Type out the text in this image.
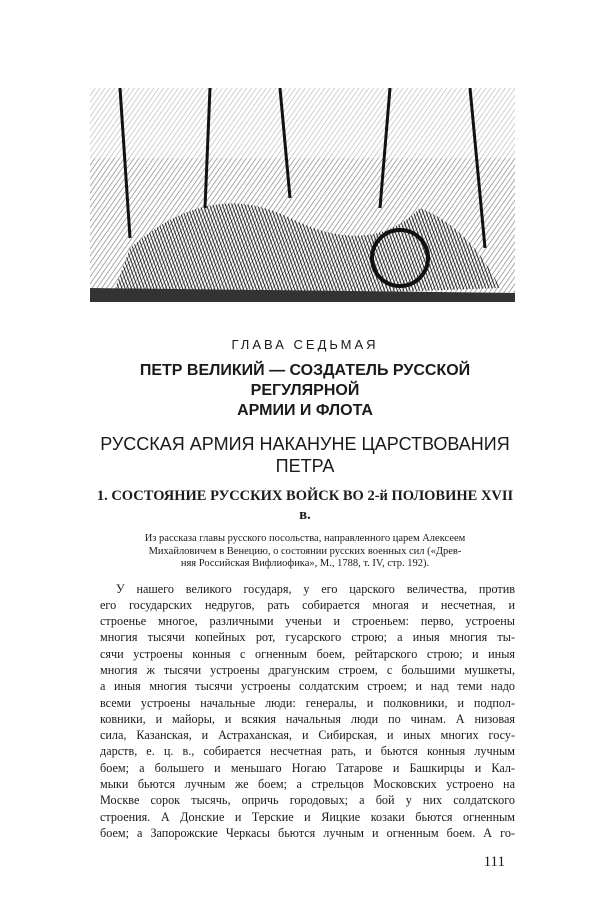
ГЛАВА СЕДЬМАЯ
ПЕТР ВЕЛИКИЙ — СОЗДАТЕЛЬ РУССКОЙ РЕГУЛЯРНОЙ
АРМИИ И ФЛОТА
РУССКАЯ АРМИЯ НАКАНУНЕ ЦАРСТВОВАНИЯ
ПЕТРА
1. СОСТОЯНИЕ РУССКИХ ВОЙСК ВО 2-й ПОЛОВИНЕ XVII в.
Из рассказа главы русского посольства, направленного царем Алексеем
Михайловичем в Венецию, о состоянии русских военных сил («Древ-
няя Российская Вифлиофика», М., 1788, т. IV, стр. 192).
У нашего великого государя, у его царского величества, против
его государских недругов, рать собирается многая и несчетная, и
строенье многое, различными ученьи и строеньем: перво, устроены
многия тысячи копейных рот, гусарского строю; а иныя многия ты-
сячи устроены конныя с огненным боем, рейтарского строю; и иныя
многия ж тысячи устроены драгунским строем, с большими мушкеты,
а иныя многия тысячи устроены солдатским строем; и над теми надо
всеми устроены начальные люди: генералы, и полковники, и подпол-
ковники, и майоры, и всякия начальныя люди по чинам. А низовая
сила, Казанская, и Астраханская, и Сибирская, и иных многих госу-
дарств, е. ц. в., собирается несчетная рать, и бьются конныя лучным
боем; а большего и меньшаго Ногаю Татарове и Башкирцы и Кал-
мыки бьются лучным же боем; а стрельцов Московских устроено на
Москве сорок тысячь, опричь городовых; а бой у них солдатского
строения. А Донские и Терские и Яицкие козаки бьются огненным
боем; а Запорожские Черкасы бьются лучным и огненным боем. А го-
111
